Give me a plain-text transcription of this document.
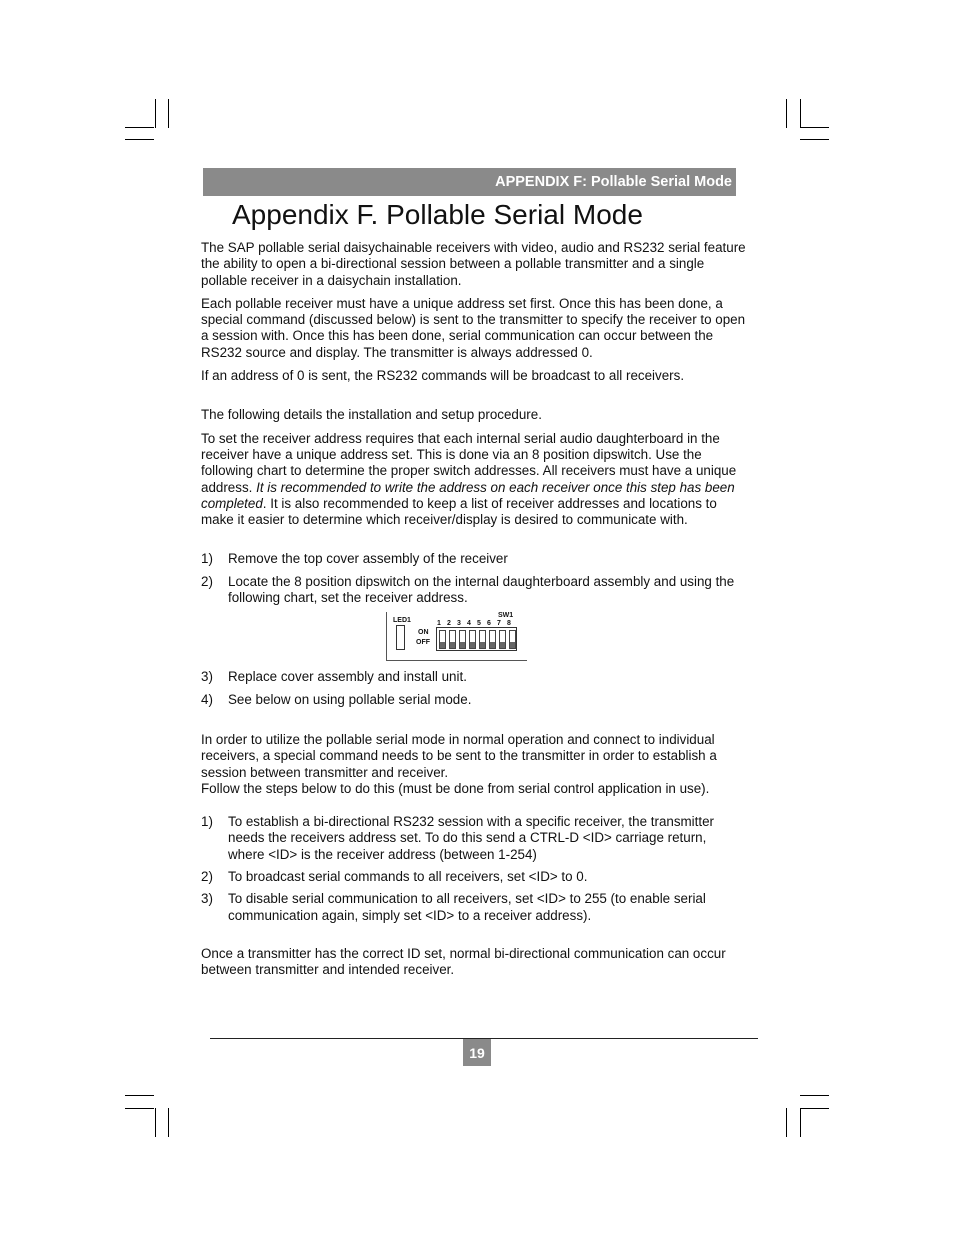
APPENDIX F: Pollable Serial Mode
Appendix F. Pollable Serial Mode

The SAP pollable serial daisychainable receivers with video, audio and RS232 serial feature the ability to open a bi-directional session between a pollable transmitter and a single pollable receiver in a daisychain installation.

Each pollable receiver must have a unique address set first. Once this has been done, a special command (discussed below) is sent to the transmitter to specify the receiver to open a session with. Once this has been done, serial communication can occur between the RS232 source and display. The transmitter is always addressed 0.

If an address of 0 is sent, the RS232 commands will be broadcast to all receivers.

The following details the installation and setup procedure.

To set the receiver address requires that each internal serial audio daughterboard in the receiver have a unique address set. This is done via an 8 position dipswitch. Use the following chart to determine the proper switch addresses. All receivers must have a unique address. It is recommended to write the address on each receiver once this step has been completed. It is also recommended to keep a list of receiver addresses and locations to make it easier to determine which receiver/display is desired to communicate with.

1)	Remove the top cover assembly of the receiver
2)	Locate the 8 position dipswitch on the internal daughterboard assembly and using the following chart, set the receiver address.
LED1
SW1
ON
OFF
1 2 3 4 5 6 7 8
3)	Replace cover assembly and install unit.
4)	See below on using pollable serial mode.

In order to utilize the pollable serial mode in normal operation and connect to individual receivers, a special command needs to be sent to the transmitter in order to establish a session between transmitter and receiver.

Follow the steps below to do this (must be done from serial control application in use).

1)	To establish a bi-directional RS232 session with a specific receiver, the transmitter needs the receivers address set. To do this send a CTRL-D <ID> carriage return, where <ID> is the receiver address (between 1-254)
2)	To broadcast serial commands to all receivers, set <ID> to 0.
3)	To disable serial communication to all receivers, set <ID> to 255 (to enable serial communication again, simply set <ID> to a receiver address).

Once a transmitter has the correct ID set, normal bi-directional communication can occur between transmitter and intended receiver.

19
